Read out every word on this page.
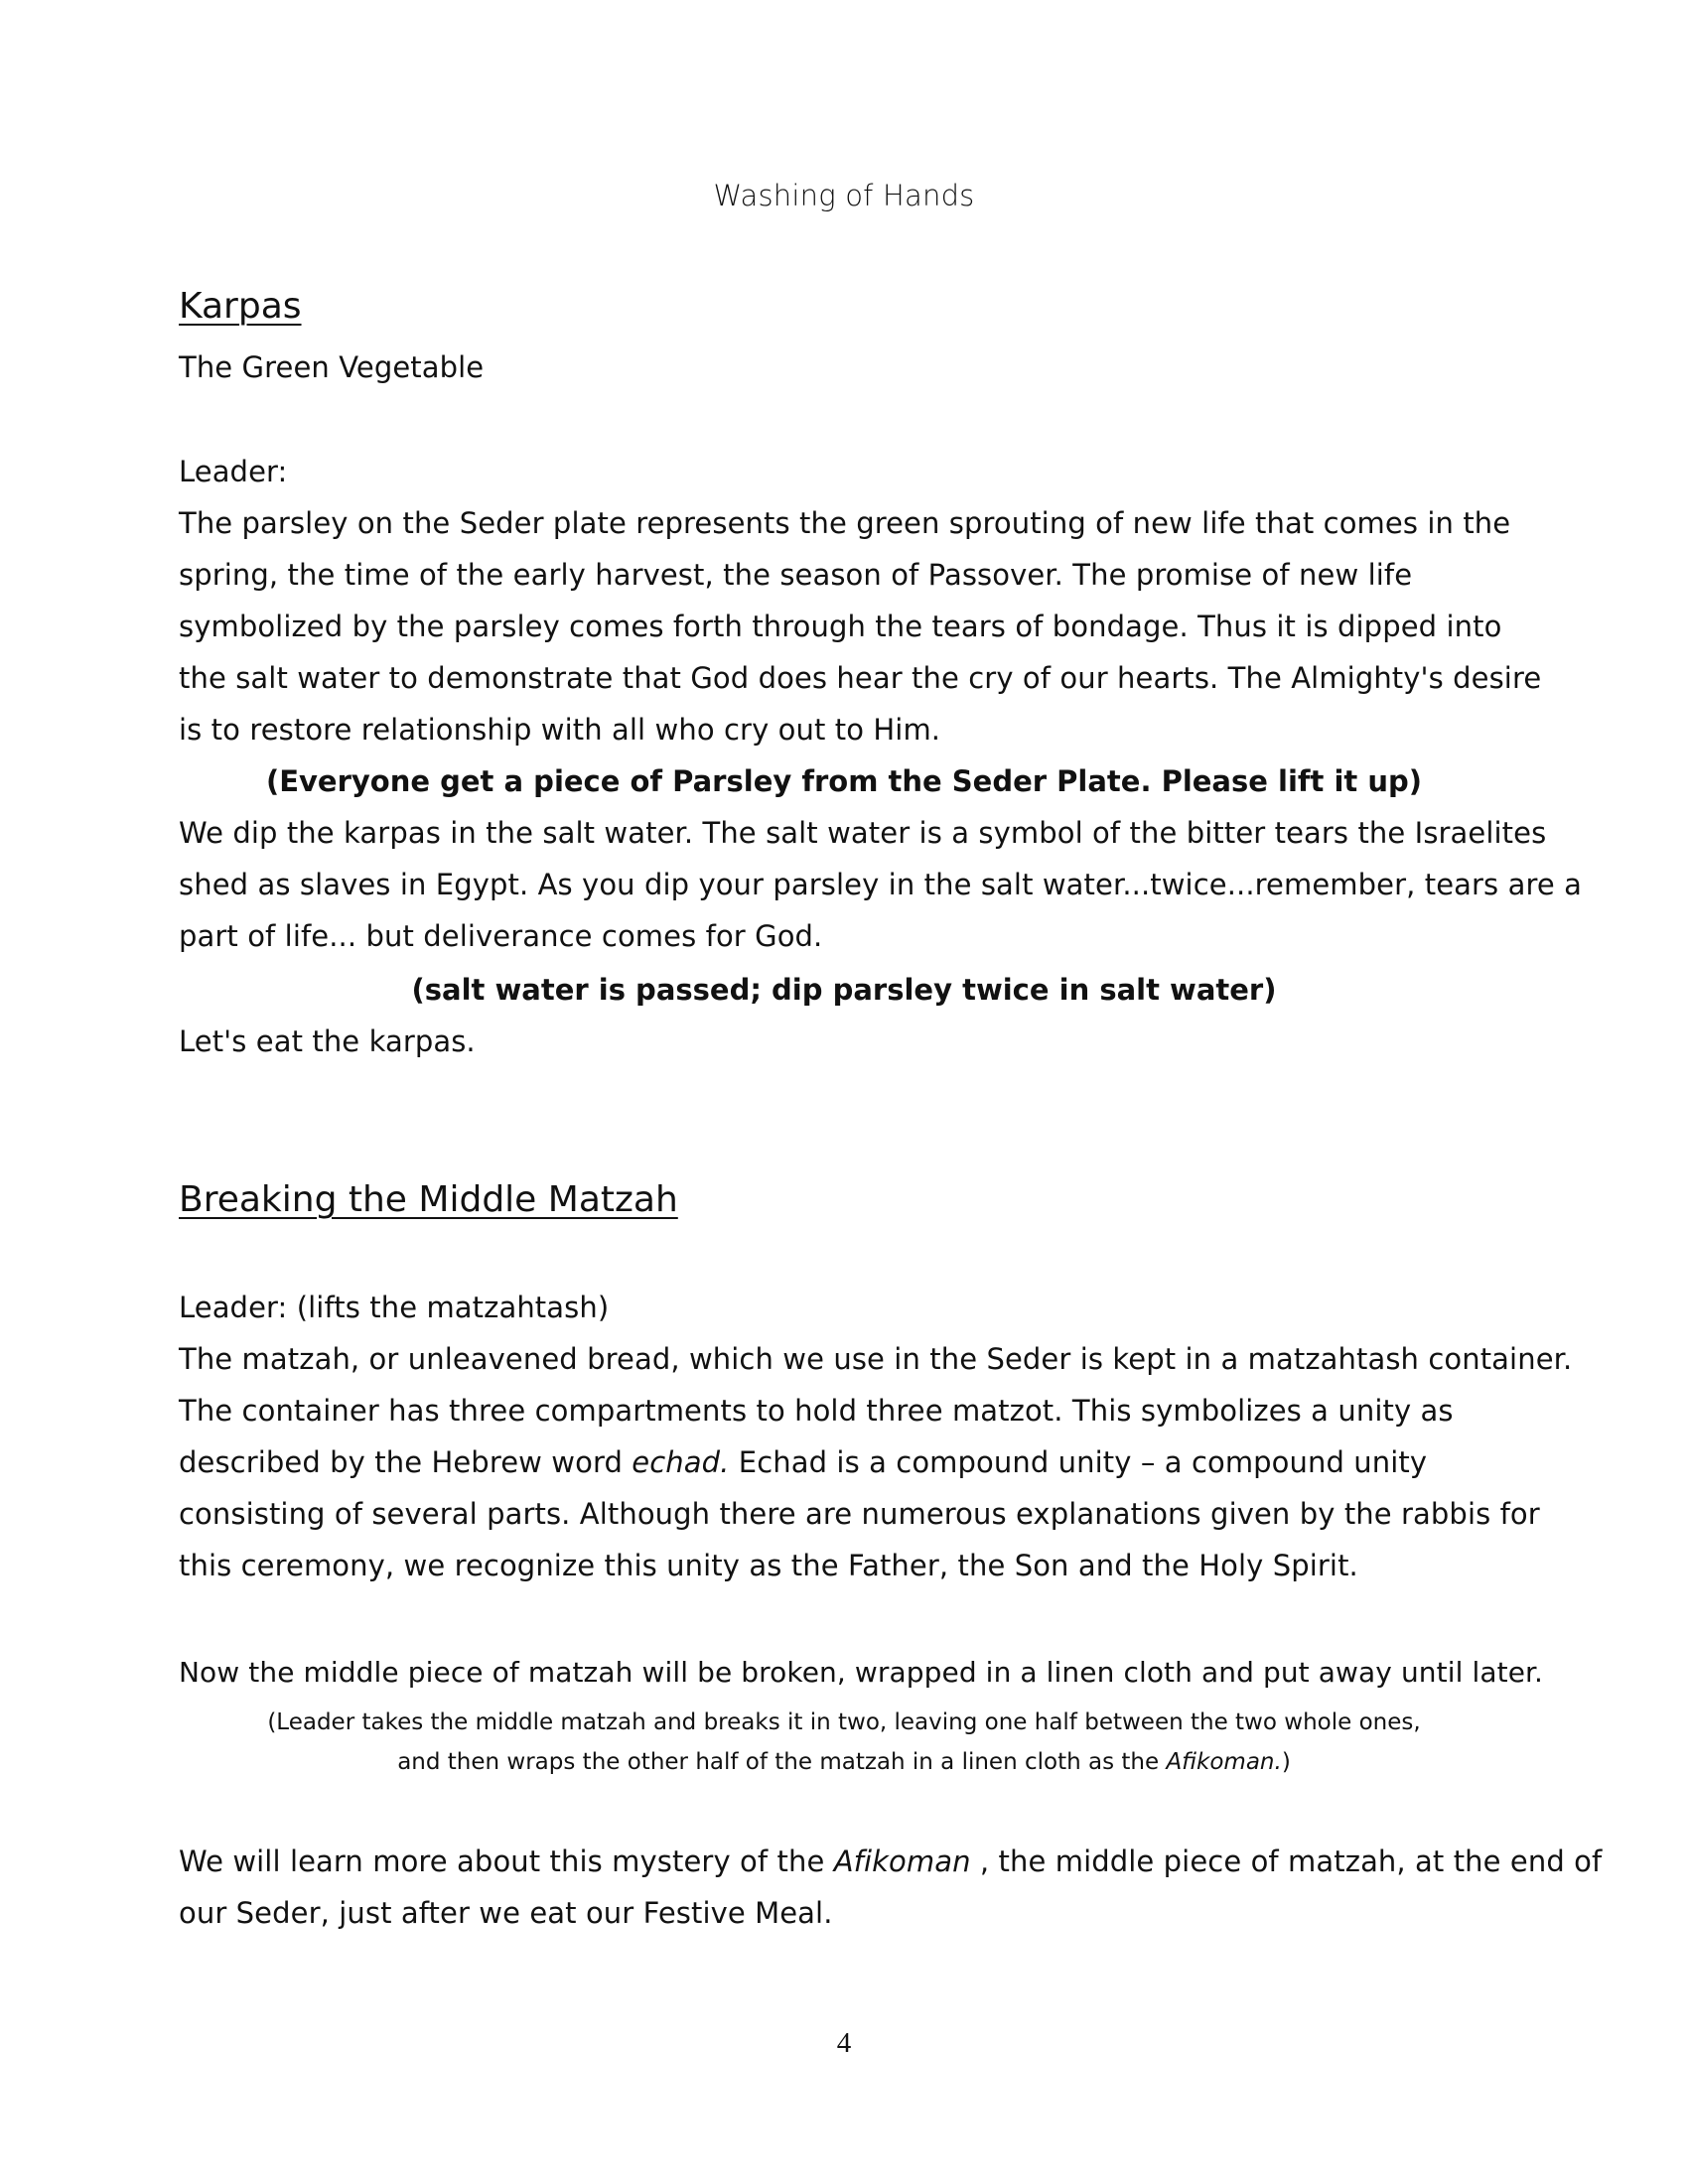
Washing of Hands
Karpas
The Green Vegetable
Leader:
The parsley on the Seder plate represents the green sprouting of new life that comes in the
spring, the time of the early harvest, the season of Passover. The promise of new life
symbolized by the parsley comes forth through the tears of bondage. Thus it is dipped into
the salt water to demonstrate that God does hear the cry of our hearts. The Almighty's desire
is to restore relationship with all who cry out to Him.
(Everyone get a piece of Parsley from the Seder Plate. Please lift it up)
We dip the karpas in the salt water. The salt water is a symbol of the bitter tears the Israelites
shed as slaves in Egypt. As you dip your parsley in the salt water...twice...remember, tears are a
part of life... but deliverance comes for God.
(salt water is passed; dip parsley twice in salt water)
Let's eat the karpas.
Breaking the Middle Matzah
Leader: (lifts the matzahtash)
The matzah, or unleavened bread, which we use in the Seder is kept in a matzahtash container.
The container has three compartments to hold three matzot. This symbolizes a unity as
described by the Hebrew word echad. Echad is a compound unity – a compound unity
consisting of several parts. Although there are numerous explanations given by the rabbis for
this ceremony, we recognize this unity as the Father, the Son and the Holy Spirit.
Now the middle piece of matzah will be broken, wrapped in a linen cloth and put away until later.
(Leader takes the middle matzah and breaks it in two, leaving one half between the two whole ones,
and then wraps the other half of the matzah in a linen cloth as the Afikoman.)
We will learn more about this mystery of the Afikoman , the middle piece of matzah, at the end of
our Seder, just after we eat our Festive Meal.
4
